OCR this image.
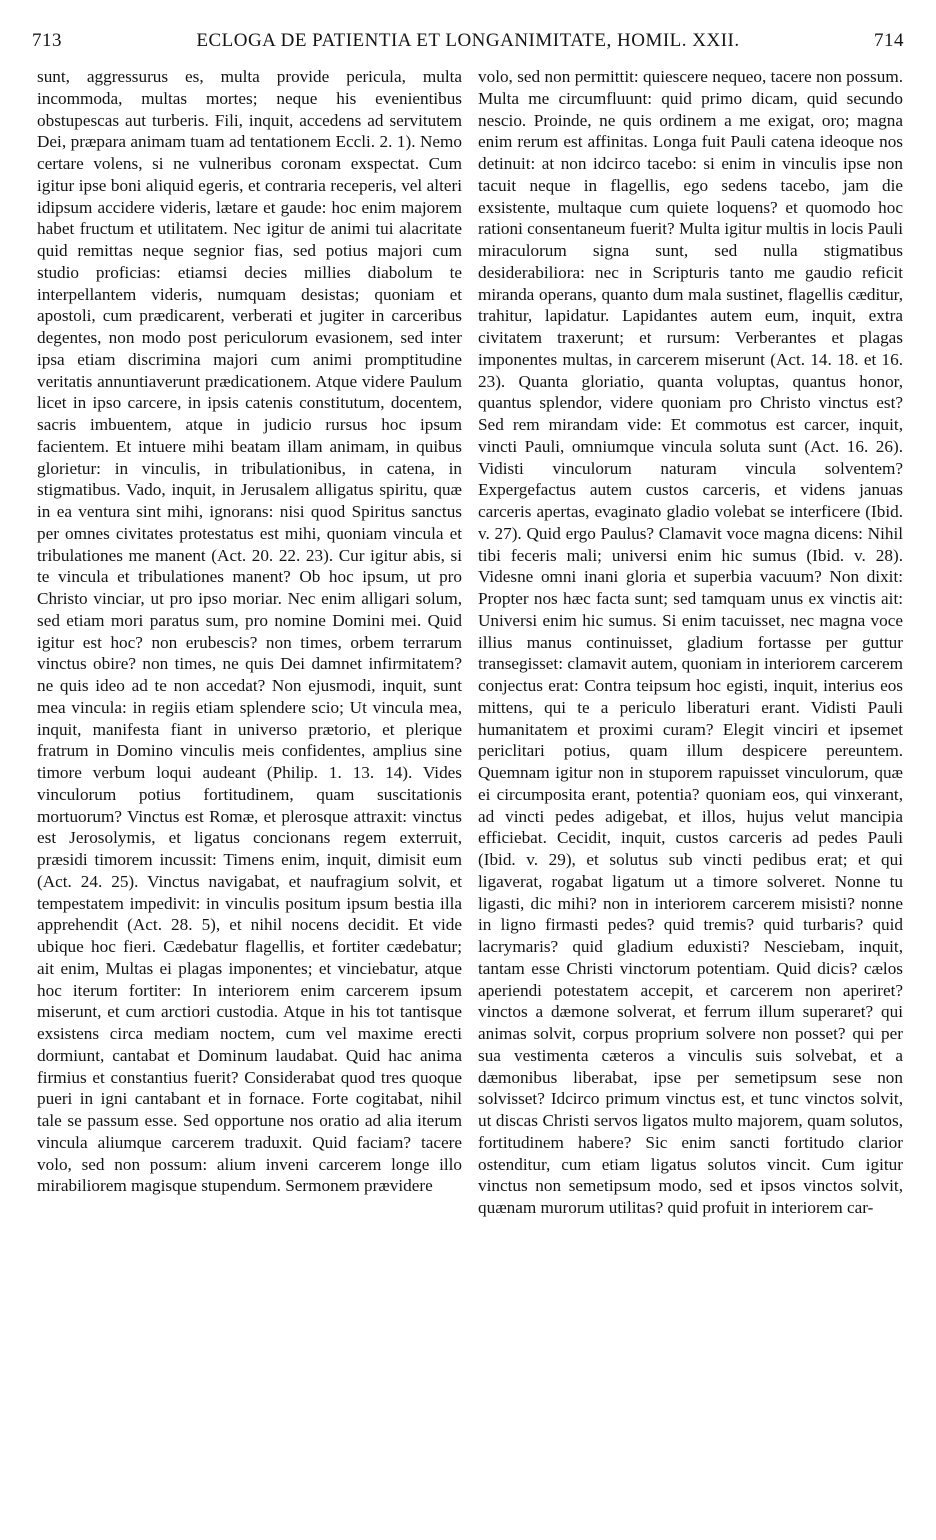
713	ECLOGA DE PATIENTIA ET LONGANIMITATE, HOMIL. XXII.	714

sunt, aggressurus es, multa provide pericula, multa incommoda, multas mortes; neque his evenientibus obstupescas aut turberis. Fili, inquit, accedens ad servitutem Dei, præpara animam tuam ad tentationem Eccli. 2. 1). Nemo certare volens, si ne vulneribus coronam exspectat. Cum igitur ipse boni aliquid egeris, et contraria receperis, vel alteri idipsum accidere videris, lætare et gaude: hoc enim majorem habet fructum et utilitatem. Nec igitur de animi tui alacritate quid remittas neque segnior fias, sed potius majori cum studio proficias: etiamsi decies millies diabolum te interpellantem videris, numquam desistas; quoniam et apostoli, cum prædicarent, verberati et jugiter in carceribus degentes, non modo post periculorum evasionem, sed inter ipsa etiam discrimina majori cum animi promptitudine veritatis annuntiaverunt prædicationem. Atque videre Paulum licet in ipso carcere, in ipsis catenis constitutum, docentem, sacris imbuentem, atque in judicio rursus hoc ipsum facientem. Et intuere mihi beatam illam animam, in quibus glorietur: in vinculis, in tribulationibus, in catena, in stigmatibus. Vado, inquit, in Jerusalem alligatus spiritu, quæ in ea ventura sint mihi, ignorans: nisi quod Spiritus sanctus per omnes civitates protestatus est mihi, quoniam vincula et tribulationes me manent (Act. 20. 22. 23). Cur igitur abis, si te vincula et tribulationes manent? Ob hoc ipsum, ut pro Christo vinciar, ut pro ipso moriar. Nec enim alligari solum, sed etiam mori paratus sum, pro nomine Domini mei. Quid igitur est hoc? non erubescis? non times, orbem terrarum vinctus obire? non times, ne quis Dei damnet infirmitatem? ne quis ideo ad te non accedat? Non ejusmodi, inquit, sunt mea vincula: in regiis etiam splendere scio; Ut vincula mea, inquit, manifesta fiant in universo prætorio, et plerique fratrum in Domino vinculis meis confidentes, amplius sine timore verbum loqui audeant (Philip. 1. 13. 14). Vides vinculorum potius fortitudinem, quam suscitationis mortuorum? Vinctus est Romæ, et plerosque attraxit: vinctus est Jerosolymis, et ligatus concionans regem exterruit, præsidi timorem incussit: Timens enim, inquit, dimisit eum (Act. 24. 25). Vinctus navigabat, et naufragium solvit, et tempestatem impedivit: in vinculis positum ipsum bestia illa apprehendit (Act. 28. 5), et nihil nocens decidit. Et vide ubique hoc fieri. Cædebatur flagellis, et fortiter cædebatur; ait enim, Multas ei plagas imponentes; et vinciebatur, atque hoc iterum fortiter: In interiorem enim carcerem ipsum miserunt, et cum arctiori custodia. Atque in his tot tantisque exsistens circa mediam noctem, cum vel maxime erecti dormiunt, cantabat et Dominum laudabat. Quid hac anima firmius et constantius fuerit? Considerabat quod tres quoque pueri in igni cantabant et in fornace. Forte cogitabat, nihil tale se passum esse. Sed opportune nos oratio ad alia iterum vincula aliumque carcerem traduxit. Quid faciam? tacere volo, sed non possum: alium inveni carcerem longe illo mirabiliorem magisque stupendum. Sermonem prævidere

volo, sed non permittit: quiescere nequeo, tacere non possum. Multa me circumfluunt: quid primo dicam, quid secundo nescio. Proinde, ne quis ordinem a me exigat, oro; magna enim rerum est affinitas. Longa fuit Pauli catena ideoque nos detinuit: at non idcirco tacebo: si enim in vinculis ipse non tacuit neque in flagellis, ego sedens tacebo, jam die exsistente, multaque cum quiete loquens? et quomodo hoc rationi consentaneum fuerit? Multa igitur multis in locis Pauli miraculorum signa sunt, sed nulla stigmatibus desiderabiliora: nec in Scripturis tanto me gaudio reficit miranda operans, quanto dum mala sustinet, flagellis cæditur, trahitur, lapidatur. Lapidantes autem eum, inquit, extra civitatem traxerunt; et rursum: Verberantes et plagas imponentes multas, in carcerem miserunt (Act. 14. 18. et 16. 23). Quanta gloriatio, quanta voluptas, quantus honor, quantus splendor, videre quoniam pro Christo vinctus est? Sed rem mirandam vide: Et commotus est carcer, inquit, vincti Pauli, omniumque vincula soluta sunt (Act. 16. 26). Vidisti vinculorum naturam vincula solventem? Expergefactus autem custos carceris, et videns januas carceris apertas, evaginato gladio volebat se interficere (Ibid. v. 27). Quid ergo Paulus? Clamavit voce magna dicens: Nihil tibi feceris mali; universi enim hic sumus (Ibid. v. 28). Videsne omni inani gloria et superbia vacuum? Non dixit: Propter nos hæc facta sunt; sed tamquam unus ex vinctis ait: Universi enim hic sumus. Si enim tacuisset, nec magna voce illius manus continuisset, gladium fortasse per guttur transegisset: clamavit autem, quoniam in interiorem carcerem conjectus erat: Contra teipsum hoc egisti, inquit, interius eos mittens, qui te a periculo liberaturi erant. Vidisti Pauli humanitatem et proximi curam? Elegit vinciri et ipsemet periclitari potius, quam illum despicere pereuntem. Quemnam igitur non in stuporem rapuisset vinculorum, quæ ei circumposita erant, potentia? quoniam eos, qui vinxerant, ad vincti pedes adigebat, et illos, hujus velut mancipia efficiebat. Cecidit, inquit, custos carceris ad pedes Pauli (Ibid. v. 29), et solutus sub vincti pedibus erat; et qui ligaverat, rogabat ligatum ut a timore solveret. Nonne tu ligasti, dic mihi? non in interiorem carcerem misisti? nonne in ligno firmasti pedes? quid tremis? quid turbaris? quid lacrymaris? quid gladium eduxisti? Nesciebam, inquit, tantam esse Christi vinctorum potentiam. Quid dicis? cælos aperiendi potestatem accepit, et carcerem non aperiret? vinctos a dæmone solverat, et ferrum illum superaret? qui animas solvit, corpus proprium solvere non posset? qui per sua vestimenta cæteros a vinculis suis solvebat, et a dæmonibus liberabat, ipse per semetipsum sese non solvisset? Idcirco primum vinctus est, et tunc vinctos solvit, ut discas Christi servos ligatos multo majorem, quam solutos, fortitudinem habere? Sic enim sancti fortitudo clarior ostenditur, cum etiam ligatus solutos vincit. Cum igitur vinctus non semetipsum modo, sed et ipsos vinctos solvit, quænam murorum utilitas? quid profuit in interiorem car-
